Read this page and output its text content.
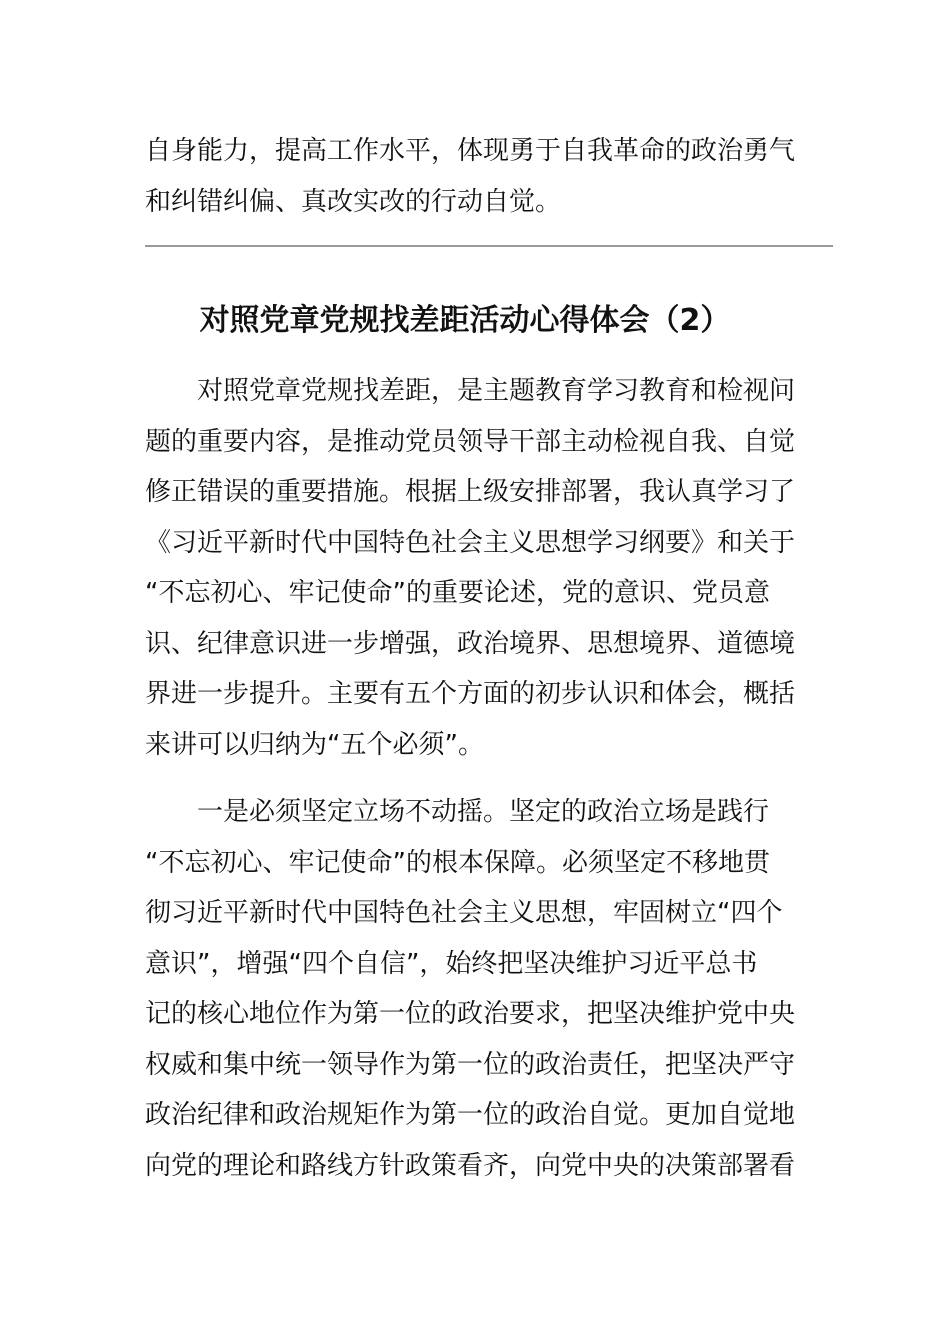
自身能力，提高工作水平，体现勇于自我革命的政治勇气
和纠错纠偏、真改实改的行动自觉。
对照党章党规找差距活动心得体会（2）
对照党章党规找差距，是主题教育学习教育和检视问
题的重要内容，是推动党员领导干部主动检视自我、自觉
修正错误的重要措施。根据上级安排部署，我认真学习了
《习近平新时代中国特色社会主义思想学习纲要》和关于
“不忘初心、牢记使命”的重要论述，党的意识、党员意
识、纪律意识进一步增强，政治境界、思想境界、道德境
界进一步提升。主要有五个方面的初步认识和体会，概括
来讲可以归纳为“五个必须”。
一是必须坚定立场不动摇。坚定的政治立场是践行
“不忘初心、牢记使命”的根本保障。必须坚定不移地贯
彻习近平新时代中国特色社会主义思想，牢固树立“四个
意识”，增强“四个自信”，始终把坚决维护习近平总书
记的核心地位作为第一位的政治要求，把坚决维护党中央
权威和集中统一领导作为第一位的政治责任，把坚决严守
政治纪律和政治规矩作为第一位的政治自觉。更加自觉地
向党的理论和路线方针政策看齐，向党中央的决策部署看
